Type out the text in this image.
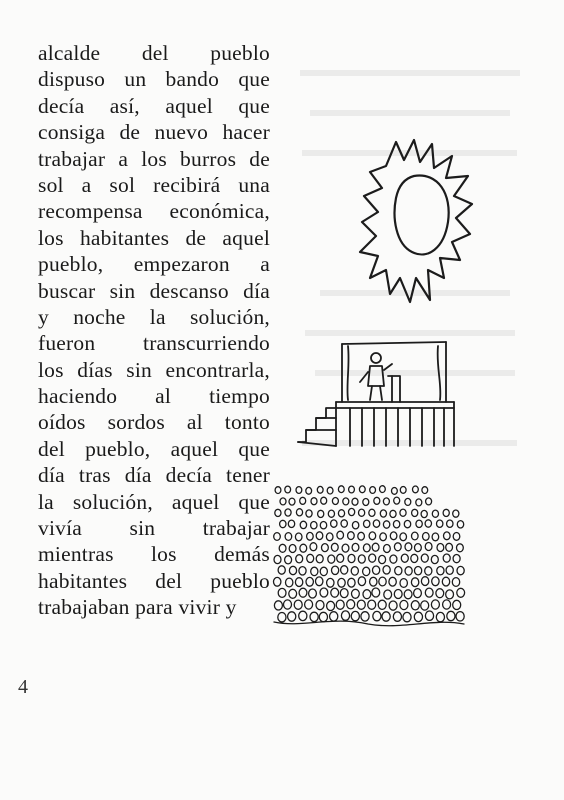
alcalde del pueblo
dispuso un bando que
decía así, aquel que
consiga de nuevo hacer
trabajar a los burros de
sol a sol recibirá una
recompensa económica,
los habitantes de aquel
pueblo, empezaron a
buscar sin descanso día
y noche la solución,
fueron transcurriendo
los días sin encontrarla,
haciendo al tiempo
oídos sordos al tonto
del pueblo, aquel que
día tras día decía tener
la solución, aquel que
vivía sin trabajar
mientras los demás
habitantes del pueblo
trabajaban para vivir y
4
